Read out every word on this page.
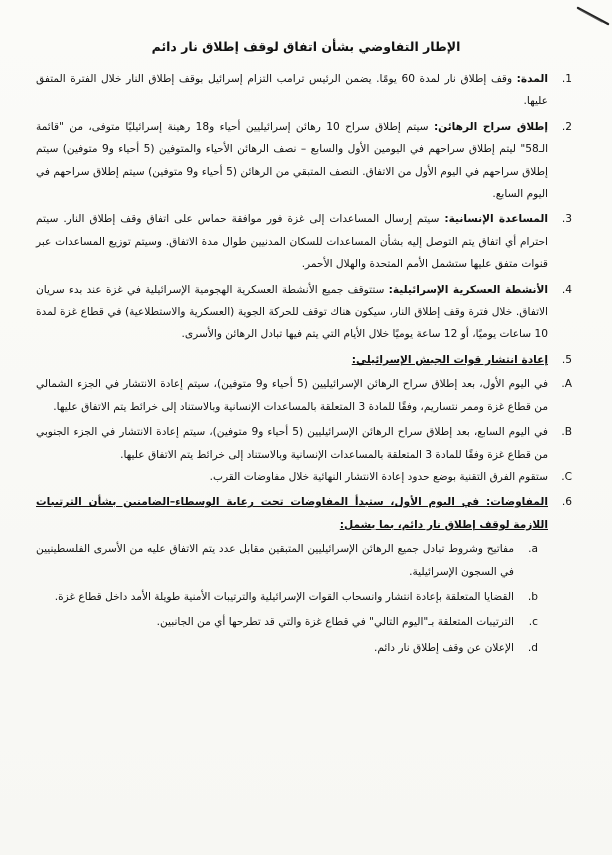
الإطار التفاوضي بشأن اتفاق لوقف إطلاق نار دائم
1.
المدة: وقف إطلاق نار لمدة 60 يومًا. يضمن الرئيس ترامب التزام إسرائيل بوقف إطلاق النار خلال الفترة المتفق عليها.
2.
إطلاق سراح الرهائن: سيتم إطلاق سراح 10 رهائن إسرائيليين أحياء و18 رهينة إسرائيليًا متوفى، من "قائمة الـ58" ليتم إطلاق سراحهم في اليومين الأول والسابع – نصف الرهائن الأحياء والمتوفين (5 أحياء و9 متوفين) سيتم إطلاق سراحهم في اليوم الأول من الاتفاق. النصف المتبقي من الرهائن (5 أحياء و9 متوفين) سيتم إطلاق سراحهم في اليوم السابع.
3.
المساعدة الإنسانية: سيتم إرسال المساعدات إلى غزة فور موافقة حماس على اتفاق وقف إطلاق النار. سيتم احترام أي اتفاق يتم التوصل إليه بشأن المساعدات للسكان المدنيين طوال مدة الاتفاق. وسيتم توزيع المساعدات عبر قنوات متفق عليها ستشمل الأمم المتحدة والهلال الأحمر.
4.
الأنشطة العسكرية الإسرائيلية: ستتوقف جميع الأنشطة العسكرية الهجومية الإسرائيلية في غزة عند بدء سريان الاتفاق. خلال فترة وقف إطلاق النار، سيكون هناك توقف للحركة الجوية (العسكرية والاستطلاعية) في قطاع غزة لمدة 10 ساعات يوميًا، أو 12 ساعة يوميًا خلال الأيام التي يتم فيها تبادل الرهائن والأسرى.
5.
إعادة انتشار قوات الجيش الإسرائيلي:
A.
في اليوم الأول، بعد إطلاق سراح الرهائن الإسرائيليين (5 أحياء و9 متوفين)، سيتم إعادة الانتشار في الجزء الشمالي من قطاع غزة وممر نتساريم، وفقًا للمادة 3 المتعلقة بالمساعدات الإنسانية وبالاستناد إلى خرائط يتم الاتفاق عليها.
B.
في اليوم السابع، بعد إطلاق سراح الرهائن الإسرائيليين (5 أحياء و9 متوفين)، سيتم إعادة الانتشار في الجزء الجنوبي من قطاع غزة وفقًا للمادة 3 المتعلقة بالمساعدات الإنسانية وبالاستناد إلى خرائط يتم الاتفاق عليها.
C.
ستقوم الفرق التقنية بوضع حدود إعادة الانتشار النهائية خلال مفاوضات القرب.
6.
المفاوضات: في اليوم الأول، ستبدأ المفاوضات تحت رعاية الوسطاء–الضامنين بشأن الترتيبات اللازمة لوقف إطلاق نار دائم، بما يشمل:
a.
مفاتيح وشروط تبادل جميع الرهائن الإسرائيليين المتبقين مقابل عدد يتم الاتفاق عليه من الأسرى الفلسطينيين في السجون الإسرائيلية.
b.
القضايا المتعلقة بإعادة انتشار وانسحاب القوات الإسرائيلية والترتيبات الأمنية طويلة الأمد داخل قطاع غزة.
c.
الترتيبات المتعلقة بـ"اليوم التالي" في قطاع غزة والتي قد تطرحها أي من الجانبين.
d.
الإعلان عن وقف إطلاق نار دائم.
